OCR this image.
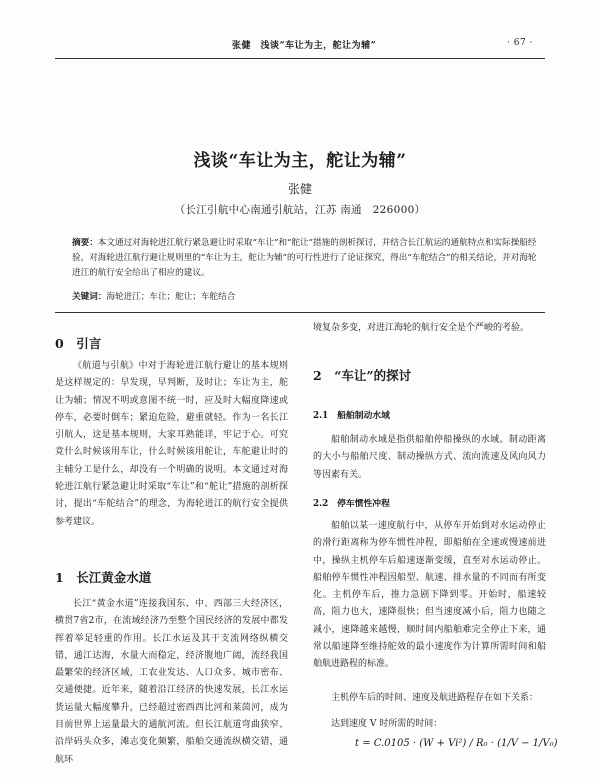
张健　浅谈“车让为主，舵让为辅”	· 67 ·
浅谈“车让为主，舵让为辅”
张健
（长江引航中心南通引航站，江苏 南通　226000）

摘要：本文通过对海轮进江航行紧急避让时采取“车让”和“舵让”措施的剖析探讨，并结合长江航运的通航特点和实际操船经验，对海轮进江航行避让规则里的“车让为主，舵让为辅”的可行性进行了论证探究，得出“车舵结合”的相关结论，并对海轮进江的航行安全给出了相应的建议。

关键词：海轮进江；车让；舵让；车舵结合
0　引言

《航道与引航》中对于海轮进江航行避让的基本规则是这样规定的：早发现，早判断，及时让；车让为主，舵让为辅；情况不明或意图不统一时，应及时大幅度降速或停车，必要时倒车；紧迫危险，避重就轻。作为一名长江引航人，这是基本规则，大家耳熟能详，牢记于心。可究竟什么时候该用车让，什么时候该用舵让，车舵避让时的主辅分工是什么，却没有一个明确的说明。本文通过对海轮进江航行紧急避让时采取“车让”和“舵让”措施的剖析探讨，提出“车舵结合”的理念，为海轮进江的航行安全提供参考建议。

1　长江黄金水道

长江“黄金水道”连接我国东、中、西部三大经济区，横贯7省2市，在流域经济乃至整个国民经济的发展中都发挥着举足轻重的作用。长江水运及其干支流网络纵横交错，通江达海，水量大而稳定，经济腹地广阔，流经我国最繁荣的经济区域，工农业发达、人口众多、城市密布、交通便捷。近年来，随着沿江经济的快速发展，长江水运货运量大幅度攀升，已经超过密西西比河和莱茵河，成为目前世界上运量最大的通航河流。但长江航道弯曲狭窄、沿岸码头众多，滩志变化频繁，船舶交通流纵横交错，通航环

境复杂多变，对进江海轮的航行安全是个严峻的考验。

2　“车让”的探讨
2.1　船舶制动水域

船舶制动水域是指供船舶停船操纵的水域。制动距离的大小与船舶尺度、制动操纵方式、流向流速及风向风力等因素有关。

2.2　停车惯性冲程

船舶以某一速度航行中，从停车开始到对水运动停止的滑行距离称为停车惯性冲程，即船舶在全速或慢速前进中，操纵主机停车后船速逐渐变缓，直至对水运动停止。船舶停车惯性冲程因船型、航速、排水量的不同而有所变化。主机停车后，推力急剧下降到零。开始时，船速较高，阻力也大，速降很快；但当速度减小后，阻力也随之减小，速降越来越慢，顺时间内船舶难完全停止下来，通常以船速降至维持舵效的最小速度作为计算所需时间和船舶航进路程的标准。

主机停车后的时间、速度及航进路程存在如下关系：

达到速度 V 时所需的时间：

t = C.0105 · (W + Vi²) / R₀ · (1/V − 1/V₀)
